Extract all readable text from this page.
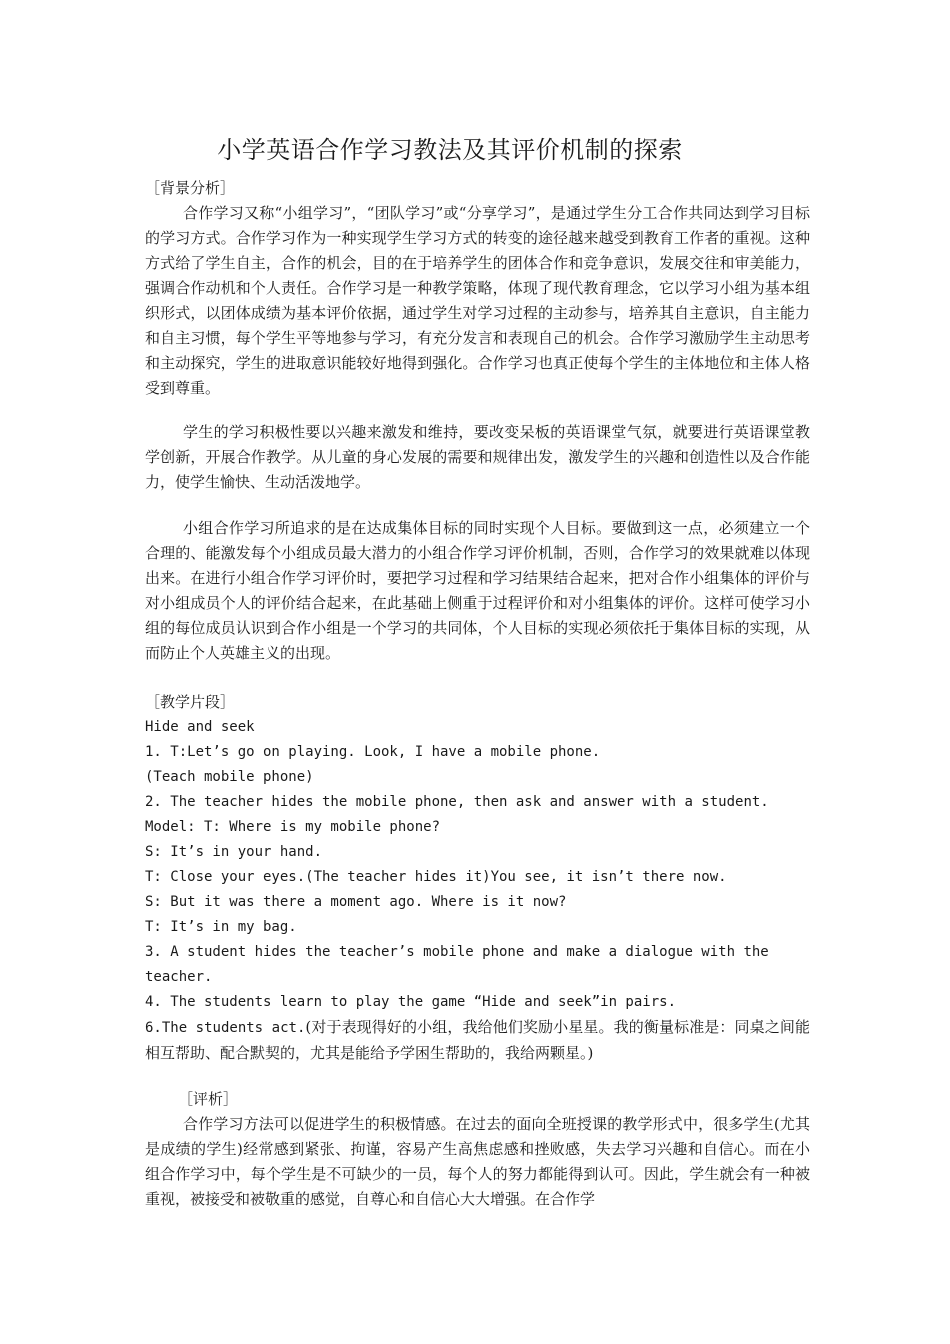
小学英语合作学习教法及其评价机制的探索

［背景分析］

合作学习又称“小组学习”，“团队学习”或“分享学习”，是通过学生分工合作共同达到学习目标的学习方式。合作学习作为一种实现学生学习方式的转变的途径越来越受到教育工作者的重视。这种方式给了学生自主，合作的机会，目的在于培养学生的团体合作和竞争意识，发展交往和审美能力，强调合作动机和个人责任。合作学习是一种教学策略，体现了现代教育理念，它以学习小组为基本组织形式，以团体成绩为基本评价依据，通过学生对学习过程的主动参与，培养其自主意识，自主能力和自主习惯，每个学生平等地参与学习，有充分发言和表现自己的机会。合作学习激励学生主动思考和主动探究，学生的进取意识能较好地得到强化。合作学习也真正使每个学生的主体地位和主体人格受到尊重。

学生的学习积极性要以兴趣来激发和维持，要改变呆板的英语课堂气氛，就要进行英语课堂教学创新，开展合作教学。从儿童的身心发展的需要和规律出发，激发学生的兴趣和创造性以及合作能力，使学生愉快、生动活泼地学。

小组合作学习所追求的是在达成集体目标的同时实现个人目标。要做到这一点，必须建立一个合理的、能激发每个小组成员最大潜力的小组合作学习评价机制，否则，合作学习的效果就难以体现出来。在进行小组合作学习评价时，要把学习过程和学习结果结合起来，把对合作小组集体的评价与对小组成员个人的评价结合起来，在此基础上侧重于过程评价和对小组集体的评价。这样可使学习小组的每位成员认识到合作小组是一个学习的共同体，个人目标的实现必须依托于集体目标的实现，从而防止个人英雄主义的出现。

［教学片段］

Hide and seek
1. T:Let’s go on playing. Look, I have a mobile phone.
(Teach mobile phone)
2. The teacher hides the mobile phone, then ask and answer with a student.
Model: T: Where is my mobile phone?
S: It’s in your hand.
T: Close your eyes.(The teacher hides it)You see, it isn’t there now.
S: But it was there a moment ago. Where is it now?
T: It’s in my bag.
3. A student hides the teacher’s mobile phone and make a dialogue with the
teacher.
4. The students learn to play the game “Hide and seek”in pairs.

6.The students act.(对于表现得好的小组，我给他们奖励小星星。我的衡量标准是：同桌之间能相互帮助、配合默契的，尤其是能给予学困生帮助的，我给两颗星。)

［评析］

合作学习方法可以促进学生的积极情感。在过去的面向全班授课的教学形式中，很多学生(尤其是成绩的学生)经常感到紧张、拘谨，容易产生高焦虑感和挫败感，失去学习兴趣和自信心。而在小组合作学习中，每个学生是不可缺少的一员，每个人的努力都能得到认可。因此，学生就会有一种被重视，被接受和被敬重的感觉，自尊心和自信心大大增强。在合作学
